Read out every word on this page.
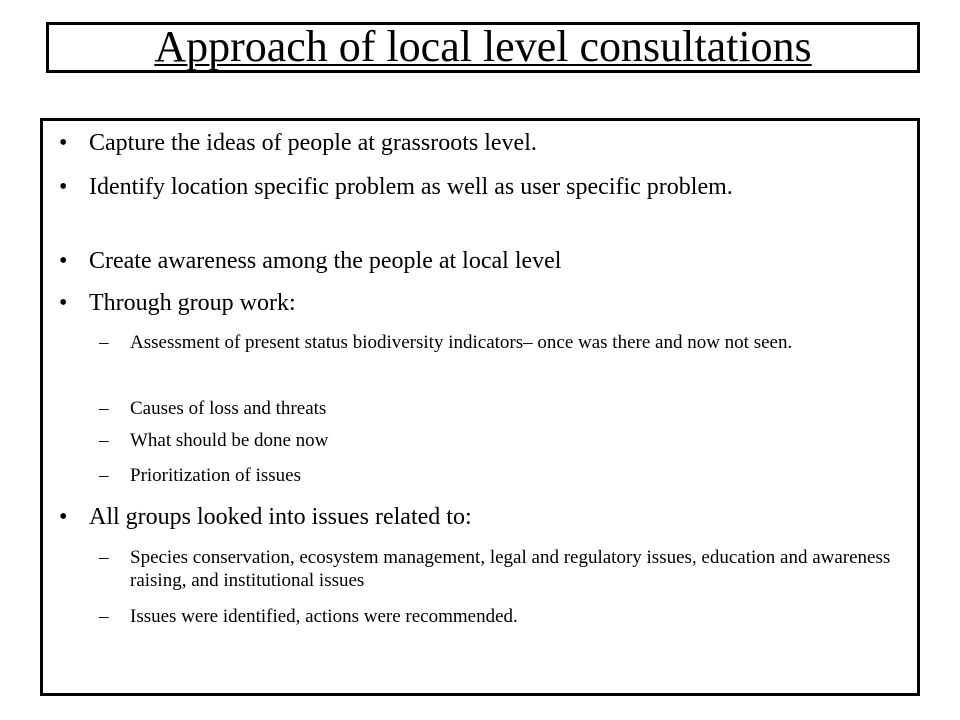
Approach of local level consultations
• Capture the ideas of people at grassroots level.
• Identify location specific problem as well as user specific problem.
• Create awareness among the people at local level
• Through group work:
– Assessment of present status biodiversity indicators– once was there and now not seen.
– Causes of loss and threats
– What should be done now
– Prioritization of issues
• All groups looked into issues related to:
– Species conservation, ecosystem management, legal and regulatory issues, education and awareness raising, and institutional issues
– Issues were identified, actions were recommended.
